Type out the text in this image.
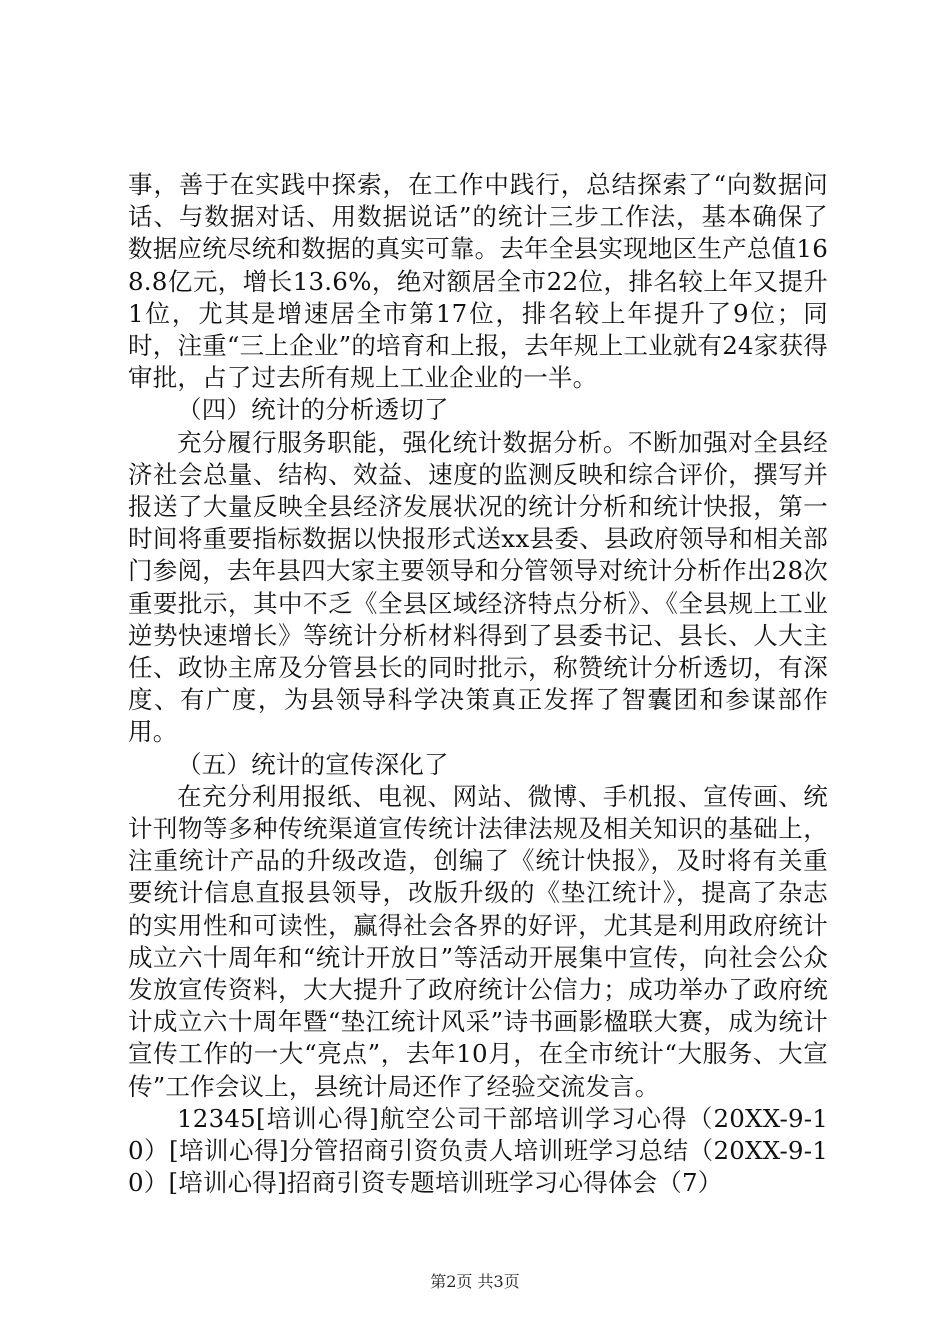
事，善于在实践中探索，在工作中践行，总结探索了“向数据问话、与数据对话、用数据说话”的统计三步工作法，基本确保了数据应统尽统和数据的真实可靠。去年全县实现地区生产总值168.8亿元，增长13.6%，绝对额居全市22位，排名较上年又提升1位，尤其是增速居全市第17位，排名较上年提升了9位；同时，注重“三上企业”的培育和上报，去年规上工业就有24家获得审批，占了过去所有规上工业企业的一半。

（四）统计的分析透切了

充分履行服务职能，强化统计数据分析。不断加强对全县经济社会总量、结构、效益、速度的监测反映和综合评价，撰写并报送了大量反映全县经济发展状况的统计分析和统计快报，第一时间将重要指标数据以快报形式送xx县委、县政府领导和相关部门参阅，去年县四大家主要领导和分管领导对统计分析作出28次重要批示，其中不乏《全县区域经济特点分析》、《全县规上工业逆势快速增长》等统计分析材料得到了县委书记、县长、人大主任、政协主席及分管县长的同时批示，称赞统计分析透切，有深度、有广度，为县领导科学决策真正发挥了智囊团和参谋部作用。

（五）统计的宣传深化了

在充分利用报纸、电视、网站、微博、手机报、宣传画、统计刊物等多种传统渠道宣传统计法律法规及相关知识的基础上，注重统计产品的升级改造，创编了《统计快报》，及时将有关重要统计信息直报县领导，改版升级的《垫江统计》，提高了杂志的实用性和可读性，赢得社会各界的好评，尤其是利用政府统计成立六十周年和“统计开放日”等活动开展集中宣传，向社会公众发放宣传资料，大大提升了政府统计公信力；成功举办了政府统计成立六十周年暨“垫江统计风采”诗书画影楹联大赛，成为统计宣传工作的一大“亮点”，去年10月，在全市统计“大服务、大宣传”工作会议上，县统计局还作了经验交流发言。

12345[培训心得]航空公司干部培训学习心得（20XX-9-10）[培训心得]分管招商引资负责人培训班学习总结（20XX-9-10）[培训心得]招商引资专题培训班学习心得体会（7）

第2页 共3页
